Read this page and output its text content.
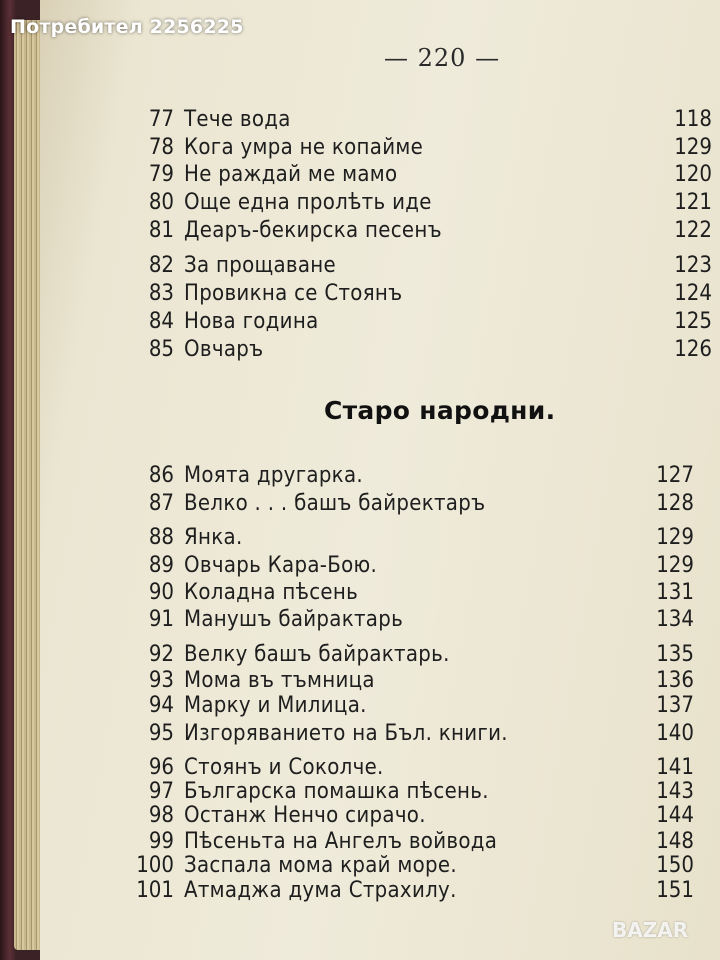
— 220 —
77 Тече вода	118
78 Кога умра не копайме	129
79 Не раждай ме мамо	120
80 Още една пролѣть иде	121
81 Деаръ-бекирска песенъ	122
82 За прощаване	123
83 Провикна се Стоянъ	124
84 Нова година	125
85 Овчаръ	126
Старо народни.
86 Моята другарка.	127
87 Велко . . . башъ байректаръ	128
88 Янка.	129
89 Овчарь Кара-Бою.	129
90 Коладна пѣсень	131
91 Манушъ байрактарь	134
92 Велку башъ байрактарь.	135
93 Мома въ тъмница	136
94 Марку и Милица.	137
95 Изгоряванието на Бъл. книги.	140
96 Стоянъ и Соколче.	141
97 Българска помашка пѣсень.	143
98 Останж Ненчо сирачо.	144
99 Пѣсеньта на Ангелъ войвода	148
100 Заспала мома край море.	150
101 Атмаджа дума Страхилу.	151
Потребител 2256225
BAZAR
